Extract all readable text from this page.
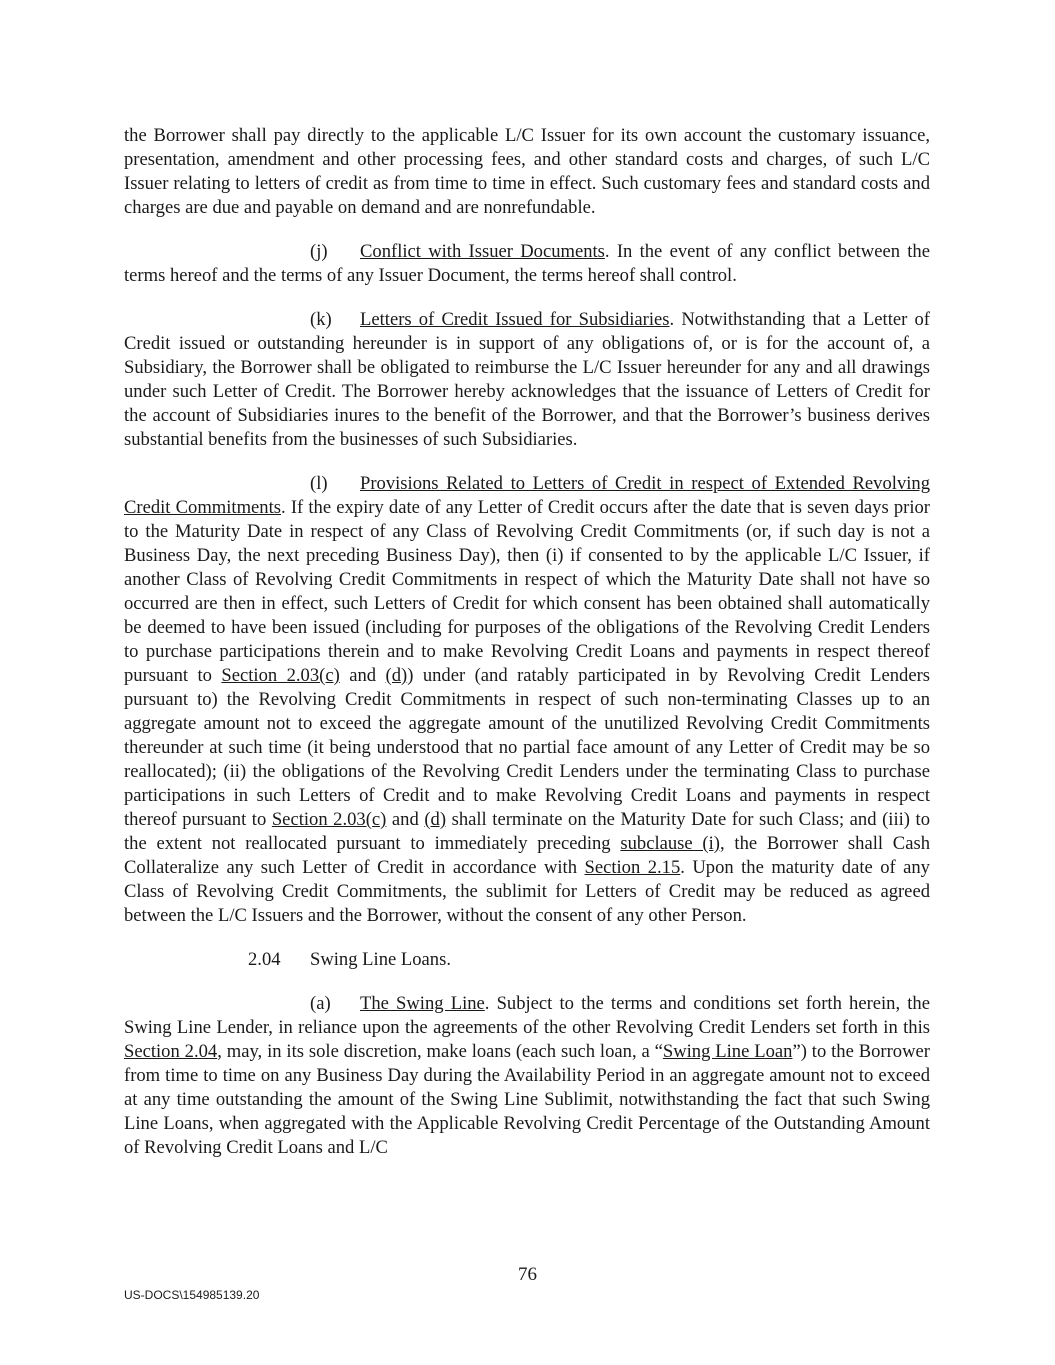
the Borrower shall pay directly to the applicable L/C Issuer for its own account the customary issuance, presentation, amendment and other processing fees, and other standard costs and charges, of such L/C Issuer relating to letters of credit as from time to time in effect. Such customary fees and standard costs and charges are due and payable on demand and are nonrefundable.

(j) Conflict with Issuer Documents. In the event of any conflict between the terms hereof and the terms of any Issuer Document, the terms hereof shall control.

(k) Letters of Credit Issued for Subsidiaries. Notwithstanding that a Letter of Credit issued or outstanding hereunder is in support of any obligations of, or is for the account of, a Subsidiary, the Borrower shall be obligated to reimburse the L/C Issuer hereunder for any and all drawings under such Letter of Credit. The Borrower hereby acknowledges that the issuance of Letters of Credit for the account of Subsidiaries inures to the benefit of the Borrower, and that the Borrower’s business derives substantial benefits from the businesses of such Subsidiaries.

(l) Provisions Related to Letters of Credit in respect of Extended Revolving Credit Commitments. If the expiry date of any Letter of Credit occurs after the date that is seven days prior to the Maturity Date in respect of any Class of Revolving Credit Commitments (or, if such day is not a Business Day, the next preceding Business Day), then (i) if consented to by the applicable L/C Issuer, if another Class of Revolving Credit Commitments in respect of which the Maturity Date shall not have so occurred are then in effect, such Letters of Credit for which consent has been obtained shall automatically be deemed to have been issued (including for purposes of the obligations of the Revolving Credit Lenders to purchase participations therein and to make Revolving Credit Loans and payments in respect thereof pursuant to Section 2.03(c) and (d)) under (and ratably participated in by Revolving Credit Lenders pursuant to) the Revolving Credit Commitments in respect of such non-terminating Classes up to an aggregate amount not to exceed the aggregate amount of the unutilized Revolving Credit Commitments thereunder at such time (it being understood that no partial face amount of any Letter of Credit may be so reallocated); (ii) the obligations of the Revolving Credit Lenders under the terminating Class to purchase participations in such Letters of Credit and to make Revolving Credit Loans and payments in respect thereof pursuant to Section 2.03(c) and (d) shall terminate on the Maturity Date for such Class; and (iii) to the extent not reallocated pursuant to immediately preceding subclause (i), the Borrower shall Cash Collateralize any such Letter of Credit in accordance with Section 2.15. Upon the maturity date of any Class of Revolving Credit Commitments, the sublimit for Letters of Credit may be reduced as agreed between the L/C Issuers and the Borrower, without the consent of any other Person.

2.04 Swing Line Loans.

(a) The Swing Line. Subject to the terms and conditions set forth herein, the Swing Line Lender, in reliance upon the agreements of the other Revolving Credit Lenders set forth in this Section 2.04, may, in its sole discretion, make loans (each such loan, a “Swing Line Loan”) to the Borrower from time to time on any Business Day during the Availability Period in an aggregate amount not to exceed at any time outstanding the amount of the Swing Line Sublimit, notwithstanding the fact that such Swing Line Loans, when aggregated with the Applicable Revolving Credit Percentage of the Outstanding Amount of Revolving Credit Loans and L/C

76
US-DOCS\154985139.20
